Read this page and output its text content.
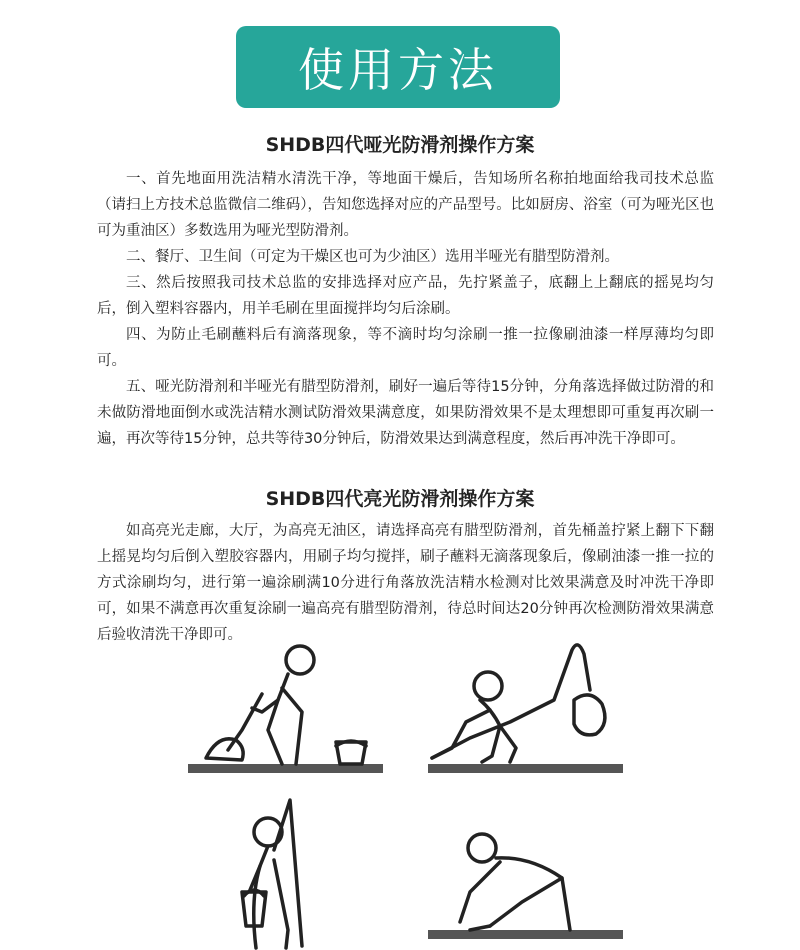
使用方法
SHDB四代哑光防滑剂操作方案

一、首先地面用洗洁精水清洗干净，等地面干燥后，告知场所名称拍地面给我司技术总监（请扫上方技术总监微信二维码），告知您选择对应的产品型号。比如厨房、浴室（可为哑光区也可为重油区）多数选用为哑光型防滑剂。

二、餐厅、卫生间（可定为干燥区也可为少油区）选用半哑光有腊型防滑剂。

三、然后按照我司技术总监的安排选择对应产品，先拧紧盖子，底翻上上翻底的摇晃均匀后，倒入塑料容器内，用羊毛刷在里面搅拌均匀后涂刷。

四、为防止毛刷蘸料后有滴落现象，等不滴时均匀涂刷一推一拉像刷油漆一样厚薄均匀即可。

五、哑光防滑剂和半哑光有腊型防滑剂，刷好一遍后等待15分钟，分角落选择做过防滑的和未做防滑地面倒水或洗洁精水测试防滑效果满意度，如果防滑效果不是太理想即可重复再次刷一遍，再次等待15分钟，总共等待30分钟后，防滑效果达到满意程度，然后再冲洗干净即可。

SHDB四代亮光防滑剂操作方案

如高亮光走廊，大厅，为高亮无油区，请选择高亮有腊型防滑剂，首先桶盖拧紧上翻下下翻上摇晃均匀后倒入塑胶容器内，用刷子均匀搅拌，刷子蘸料无滴落现象后，像刷油漆一推一拉的方式涂刷均匀，进行第一遍涂刷满10分进行角落放洗洁精水检测对比效果满意及时冲洗干净即可，如果不满意再次重复涂刷一遍高亮有腊型防滑剂，待总时间达20分钟再次检测防滑效果满意后验收清洗干净即可。
